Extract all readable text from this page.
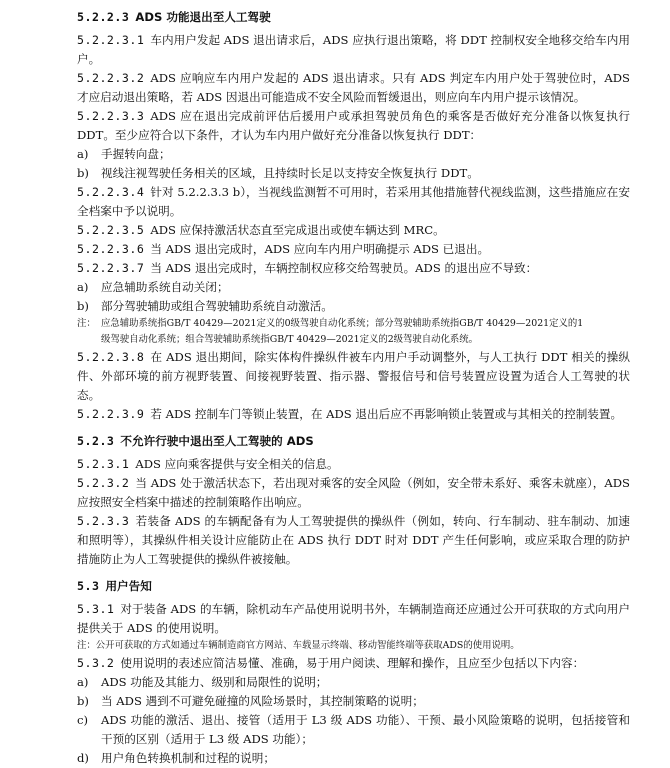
5.2.2.3 ADS 功能退出至人工驾驶

5.2.2.3.1 车内用户发起 ADS 退出请求后，ADS 应执行退出策略，将 DDT 控制权安全地移交给车内用户。

5.2.2.3.2 ADS 应响应车内用户发起的 ADS 退出请求。只有 ADS 判定车内用户处于驾驶位时，ADS 才应启动退出策略，若 ADS 因退出可能造成不安全风险而暂缓退出，则应向车内用户提示该情况。

5.2.2.3.3 ADS 应在退出完成前评估后援用户或承担驾驶员角色的乘客是否做好充分准备以恢复执行 DDT。至少应符合以下条件，才认为车内用户做好充分准备以恢复执行 DDT：

a) 手握转向盘；

b) 视线注视驾驶任务相关的区域，且持续时长足以支持安全恢复执行 DDT。

5.2.2.3.4 针对 5.2.2.3.3 b），当视线监测暂不可用时，若采用其他措施替代视线监测，这些措施应在安全档案中予以说明。

5.2.2.3.5 ADS 应保持激活状态直至完成退出或使车辆达到 MRC。

5.2.2.3.6 当 ADS 退出完成时，ADS 应向车内用户明确提示 ADS 已退出。

5.2.2.3.7 当 ADS 退出完成时，车辆控制权应移交给驾驶员。ADS 的退出应不导致：

a) 应急辅助系统自动关闭；

b) 部分驾驶辅助或组合驾驶辅助系统自动激活。

注： 应急辅助系统指GB/T 40429—2021定义的0级驾驶自动化系统；部分驾驶辅助系统指GB/T 40429—2021定义的1
级驾驶自动化系统；组合驾驶辅助系统指GB/T 40429—2021定义的2级驾驶自动化系统。

5.2.2.3.8 在 ADS 退出期间，除实体构件操纵件被车内用户手动调整外，与人工执行 DDT 相关的操纵件、外部环境的前方视野装置、间接视野装置、指示器、警报信号和信号装置应设置为适合人工驾驶的状态。

5.2.2.3.9 若 ADS 控制车门等锁止装置，在 ADS 退出后应不再影响锁止装置或与其相关的控制装置。

5.2.3 不允许行驶中退出至人工驾驶的 ADS

5.2.3.1 ADS 应向乘客提供与安全相关的信息。

5.2.3.2 当 ADS 处于激活状态下，若出现对乘客的安全风险（例如，安全带未系好、乘客未就座），ADS 应按照安全档案中描述的控制策略作出响应。

5.2.3.3 若装备 ADS 的车辆配备有为人工驾驶提供的操纵件（例如，转向、行车制动、驻车制动、加速和照明等），其操纵件相关设计应能防止在 ADS 执行 DDT 时对 DDT 产生任何影响，或应采取合理的防护措施防止为人工驾驶提供的操纵件被接触。

5.3 用户告知

5.3.1 对于装备 ADS 的车辆，除机动车产品使用说明书外，车辆制造商还应通过公开可获取的方式向用户提供关于 ADS 的使用说明。

注：公开可获取的方式如通过车辆制造商官方网站、车载显示终端、移动智能终端等获取ADS的使用说明。

5.3.2 使用说明的表述应简洁易懂、准确，易于用户阅读、理解和操作，且应至少包括以下内容：

a) ADS 功能及其能力、级别和局限性的说明；

b) 当 ADS 遇到不可避免碰撞的风险场景时，其控制策略的说明；

c) ADS 功能的激活、退出、接管（适用于 L3 级 ADS 功能）、干预、最小风险策略的说明，包括接管和干预的区别（适用于 L3 级 ADS 功能）；

d) 用户角色转换机制和过程的说明；
